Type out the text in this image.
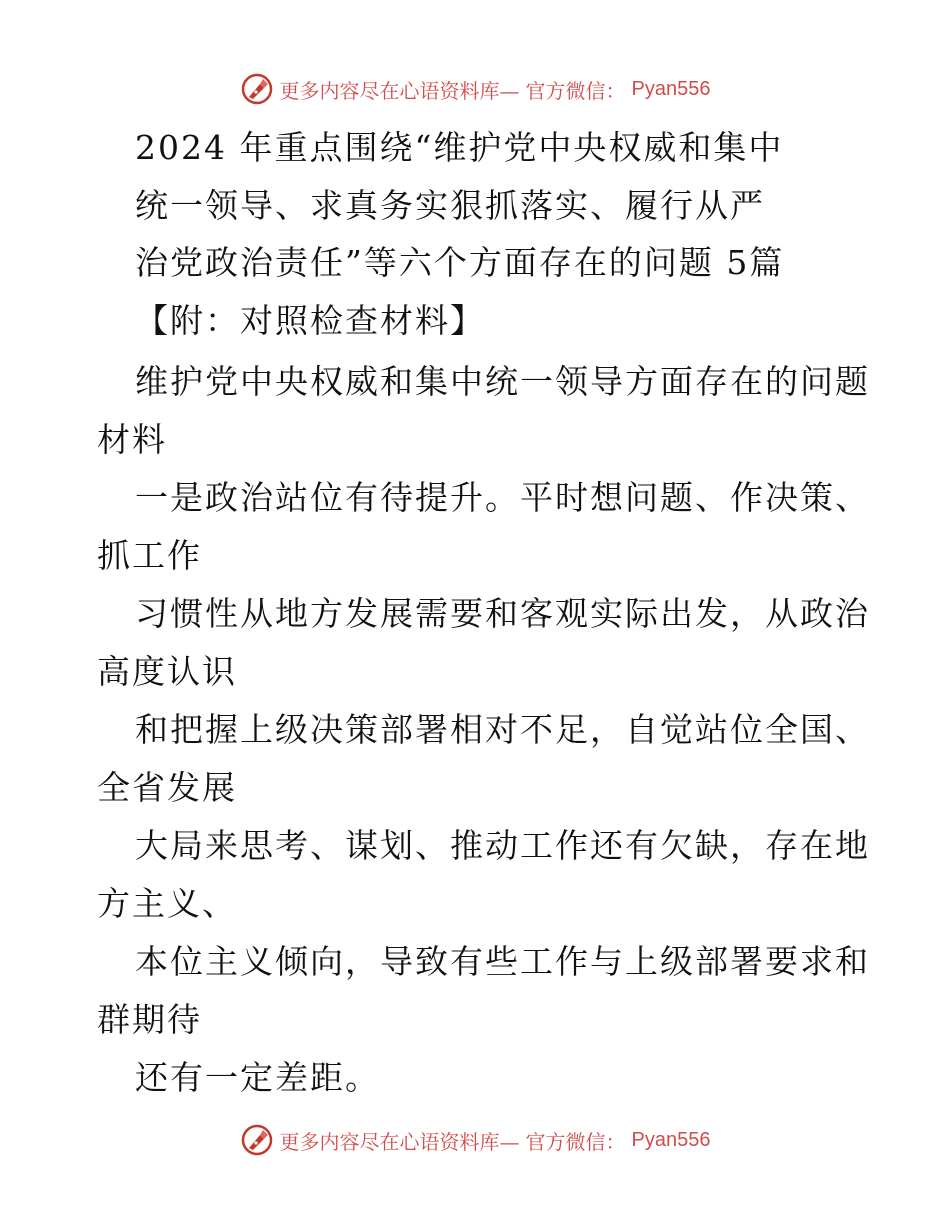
更多内容尽在心语资料库— 官方微信： Pyan556
2024 年重点围绕“维护党中央权威和集中
统一领导、求真务实狠抓落实、履行从严
治党政治责任”等六个方面存在的问题 5篇
【附：对照检查材料】
维护党中央权威和集中统一领导方面存在的问题
材料
一是政治站位有待提升。平时想问题、作决策、
抓工作
习惯性从地方发展需要和客观实际出发，从政治
高度认识
和把握上级决策部署相对不足，自觉站位全国、
全省发展
大局来思考、谋划、推动工作还有欠缺，存在地
方主义、
本位主义倾向，导致有些工作与上级部署要求和
群期待
还有一定差距。
更多内容尽在心语资料库— 官方微信： Pyan556
